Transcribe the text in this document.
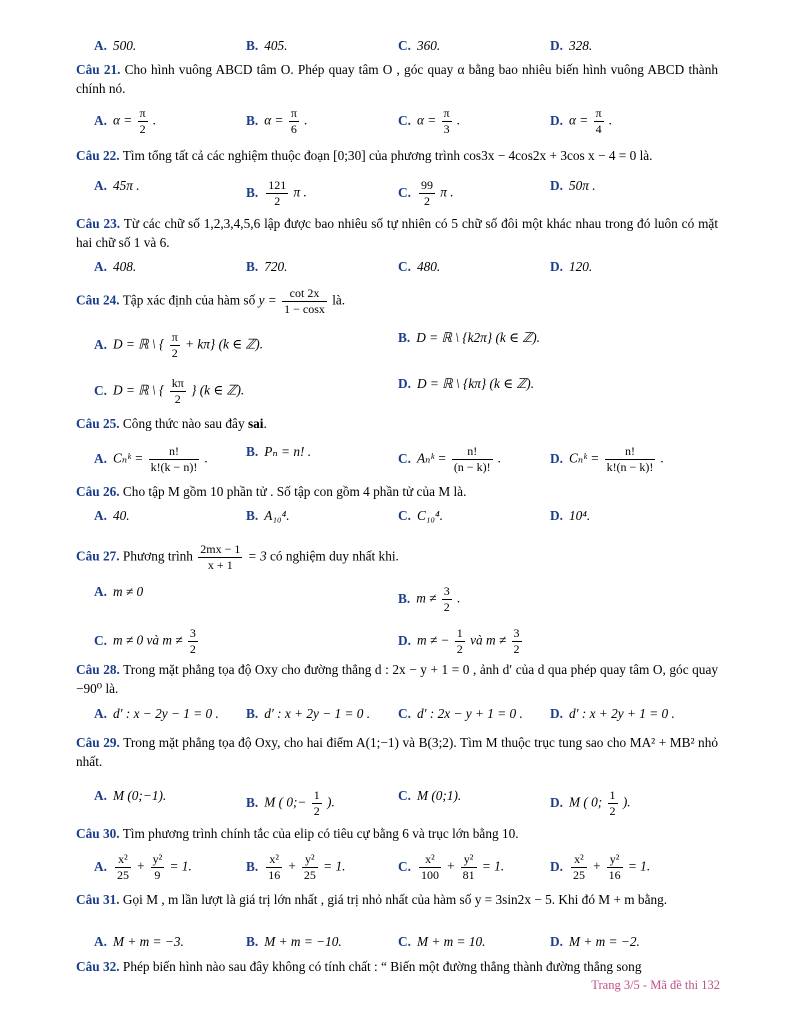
A. 500.	B. 405.	C. 360.	D. 328.
Câu 21. Cho hình vuông ABCD tâm O. Phép quay tâm O , góc quay α bằng bao nhiêu biến hình vuông ABCD thành chính nó.
A. $\alpha = \frac{\pi}{2}$ .	B. $\alpha = \frac{\pi}{6}$ .	C. $\alpha = \frac{\pi}{3}$ .	D. $\alpha = \frac{\pi}{4}$ .
Câu 22. Tìm tổng tất cả các nghiệm thuộc đoạn [0;30] của phương trình cos3x − 4cos2x + 3cos x − 4 = 0 là.
A. 45π .	B. $\frac{121}{2}$ π .	C. $\frac{99}{2}$ π .	D. 50π .
Câu 23. Từ các chữ số 1,2,3,4,5,6 lập được bao nhiêu số tự nhiên có 5 chữ số đôi một khác nhau trong đó luôn có mặt hai chữ số 1 và 6.
A. 408.	B. 720.	C. 480.	D. 120.
Câu 24. Tập xác định của hàm số $y = \frac{\cot 2x}{1 - \cos x}$ là.
A. D = ℝ \ { $\frac{\pi}{2} + k\pi$} (k ∈ ℤ).	B. D = ℝ \ {k2π} (k ∈ ℤ).
C. D = ℝ \ { $\frac{k\pi}{2}$ } (k ∈ ℤ).	D. D = ℝ \ {kπ} (k ∈ ℤ).
Câu 25. Công thức nào sau đây sai.
A. Cₙᵏ = $\frac{n!}{k!(k - n)!}$ .	B. Pₙ = n! .	C. Aₙᵏ = $\frac{n!}{(n - k)!}$ .	D. Cₙᵏ = $\frac{n!}{k!(n - k)!}$ .
Câu 26. Cho tập M gồm 10 phần tử . Số tập con gồm 4 phần tử của M là.
A. 40.	B. A₁₀⁴.	C. C₁₀⁴.	D. 10⁴.
Câu 27. Phương trình $\frac{2mx - 1}{x + 1} = 3$ có nghiệm duy nhất khi.
A. m ≠ 0	B. $m \ne \frac{3}{2}$ .
C. m ≠ 0 và $m \ne \frac{3}{2}$	D. m ≠ − $\frac{1}{2}$ và $m \ne \frac{3}{2}$
Câu 28. Trong mặt phẳng tọa độ Oxy cho đường thẳng d : 2x − y + 1 = 0 , ảnh d′ của d qua phép quay tâm O, góc quay −90⁰ là.
A. d′ : x − 2y − 1 = 0 . B. d′ : x + 2y − 1 = 0 . C. d′ : 2x − y + 1 = 0 . D. d′ : x + 2y + 1 = 0 .
Câu 29. Trong mặt phẳng tọa độ Oxy, cho hai điểm A(1;−1) và B(3;2). Tìm M thuộc trục tung sao cho MA² + MB² nhỏ nhất.
A. M (0;−1).	B. M ( 0;− $\frac{1}{2}$ ).	C. M (0;1).	D. M ( 0; $\frac{1}{2}$ ).
Câu 30. Tìm phương trình chính tắc của elip có tiêu cự bằng 6 và trục lớn bằng 10.
A. $\frac{\text{x²}}{25} + \frac{\text{y²}}{9} = 1$.	B. $\frac{\text{x²}}{16} + \frac{\text{y²}}{25} = 1$.	C. $\frac{\text{x²}}{100} + \frac{\text{y²}}{81} = 1$.	D. $\frac{\text{x²}}{25} + \frac{\text{y²}}{16} = 1$.
Câu 31. Gọi M , m lần lượt là giá trị lớn nhất , giá trị nhỏ nhất của hàm số y = 3sin2x − 5. Khi đó M + m bằng.
A. M + m = −3.	B. M + m = −10.	C. M + m = 10.	D. M + m = −2.
Câu 32. Phép biến hình nào sau đây không có tính chất : “ Biến một đường thẳng thành đường thẳng song
Trang 3/5 - Mã đề thi 132
